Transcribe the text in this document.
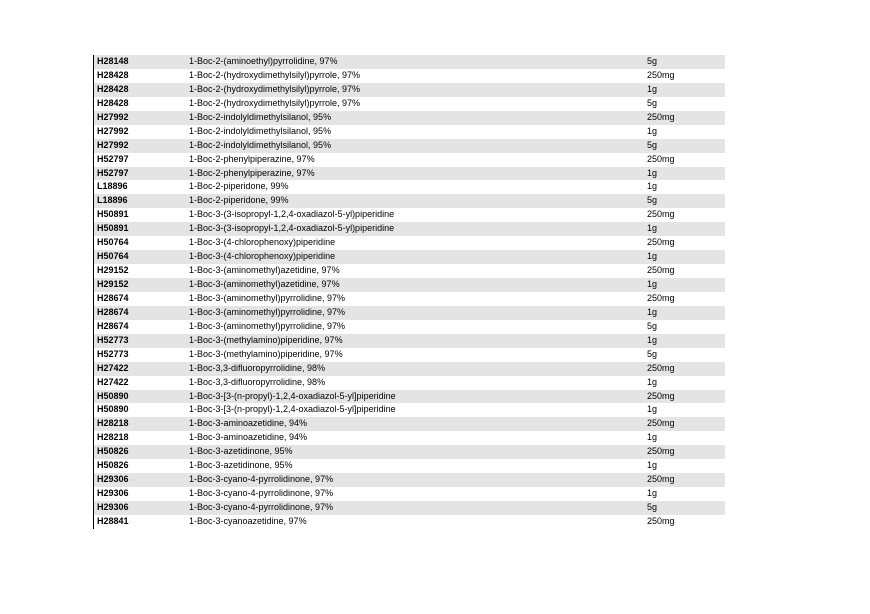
H28148	1-Boc-2-(aminoethyl)pyrrolidine, 97%	5g
H28428	1-Boc-2-(hydroxydimethylsilyl)pyrrole, 97%	250mg
H28428	1-Boc-2-(hydroxydimethylsilyl)pyrrole, 97%	1g
H28428	1-Boc-2-(hydroxydimethylsilyl)pyrrole, 97%	5g
H27992	1-Boc-2-indolyldimethylsilanol, 95%	250mg
H27992	1-Boc-2-indolyldimethylsilanol, 95%	1g
H27992	1-Boc-2-indolyldimethylsilanol, 95%	5g
H52797	1-Boc-2-phenylpiperazine, 97%	250mg
H52797	1-Boc-2-phenylpiperazine, 97%	1g
L18896	1-Boc-2-piperidone, 99%	1g
L18896	1-Boc-2-piperidone, 99%	5g
H50891	1-Boc-3-(3-isopropyl-1,2,4-oxadiazol-5-yl)piperidine	250mg
H50891	1-Boc-3-(3-isopropyl-1,2,4-oxadiazol-5-yl)piperidine	1g
H50764	1-Boc-3-(4-chlorophenoxy)piperidine	250mg
H50764	1-Boc-3-(4-chlorophenoxy)piperidine	1g
H29152	1-Boc-3-(aminomethyl)azetidine, 97%	250mg
H29152	1-Boc-3-(aminomethyl)azetidine, 97%	1g
H28674	1-Boc-3-(aminomethyl)pyrrolidine, 97%	250mg
H28674	1-Boc-3-(aminomethyl)pyrrolidine, 97%	1g
H28674	1-Boc-3-(aminomethyl)pyrrolidine, 97%	5g
H52773	1-Boc-3-(methylamino)piperidine, 97%	1g
H52773	1-Boc-3-(methylamino)piperidine, 97%	5g
H27422	1-Boc-3,3-difluoropyrrolidine, 98%	250mg
H27422	1-Boc-3,3-difluoropyrrolidine, 98%	1g
H50890	1-Boc-3-[3-(n-propyl)-1,2,4-oxadiazol-5-yl]piperidine	250mg
H50890	1-Boc-3-[3-(n-propyl)-1,2,4-oxadiazol-5-yl]piperidine	1g
H28218	1-Boc-3-aminoazetidine, 94%	250mg
H28218	1-Boc-3-aminoazetidine, 94%	1g
H50826	1-Boc-3-azetidinone, 95%	250mg
H50826	1-Boc-3-azetidinone, 95%	1g
H29306	1-Boc-3-cyano-4-pyrrolidinone, 97%	250mg
H29306	1-Boc-3-cyano-4-pyrrolidinone, 97%	1g
H29306	1-Boc-3-cyano-4-pyrrolidinone, 97%	5g
H28841	1-Boc-3-cyanoazetidine, 97%	250mg
